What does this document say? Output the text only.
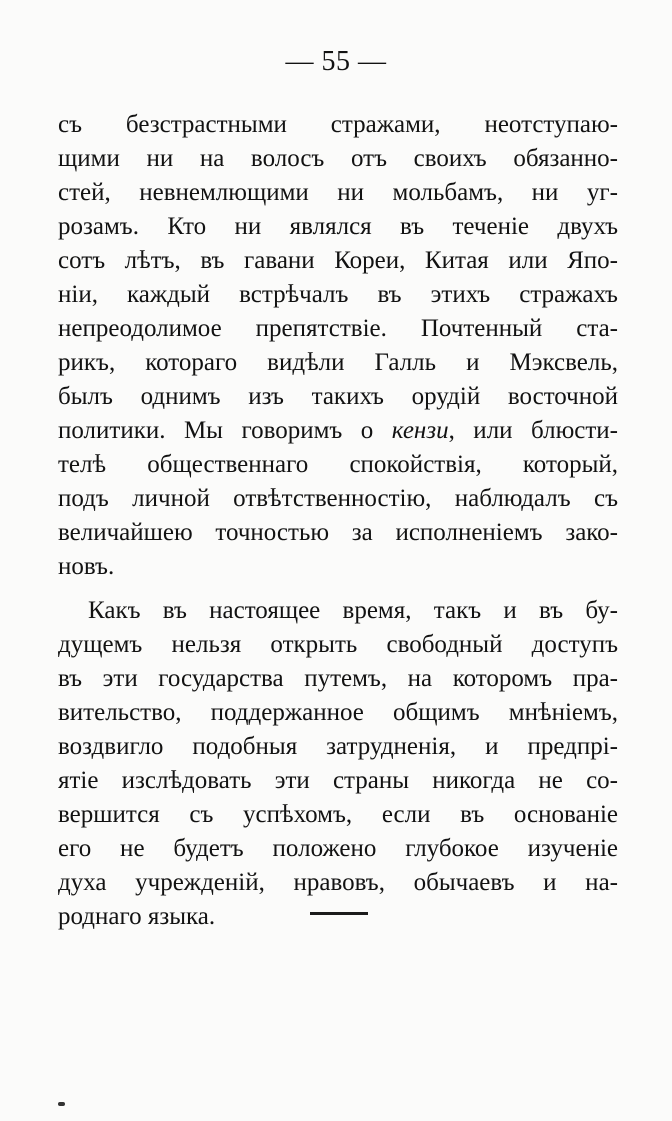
— 55 —
съ безстрастными стражами, неотступаю-
щими ни на волосъ отъ своихъ обязанно-
стей, невнемлющими ни мольбамъ, ни уг-
розамъ. Кто ни являлся въ теченіе двухъ
сотъ лѣтъ, въ гавани Кореи, Китая или Япо-
ніи, каждый встрѣчалъ въ этихъ стражахъ
непреодолимое препятствіе. Почтенный ста-
рикъ, котораго видѣли Галль и Мэксвель,
былъ однимъ изъ такихъ орудій восточной
политики. Мы говоримъ о кензи, или блюсти-
телѣ общественнаго спокойствія, который,
подъ личной отвѣтственностію, наблюдалъ съ
величайшею точностью за исполненіемъ зако-
новъ.
Какъ въ настоящее время, такъ и въ бу-
дущемъ нельзя открыть свободный доступъ
въ эти государства путемъ, на которомъ пра-
вительство, поддержанное общимъ мнѣніемъ,
воздвигло подобныя затрудненія, и предпрі-
ятіе изслѣдовать эти страны никогда не со-
вершится съ успѣхомъ, если въ основаніе
его не будетъ положено глубокое изученіе
духа учрежденій, нравовъ, обычаевъ и на-
роднаго языка.
